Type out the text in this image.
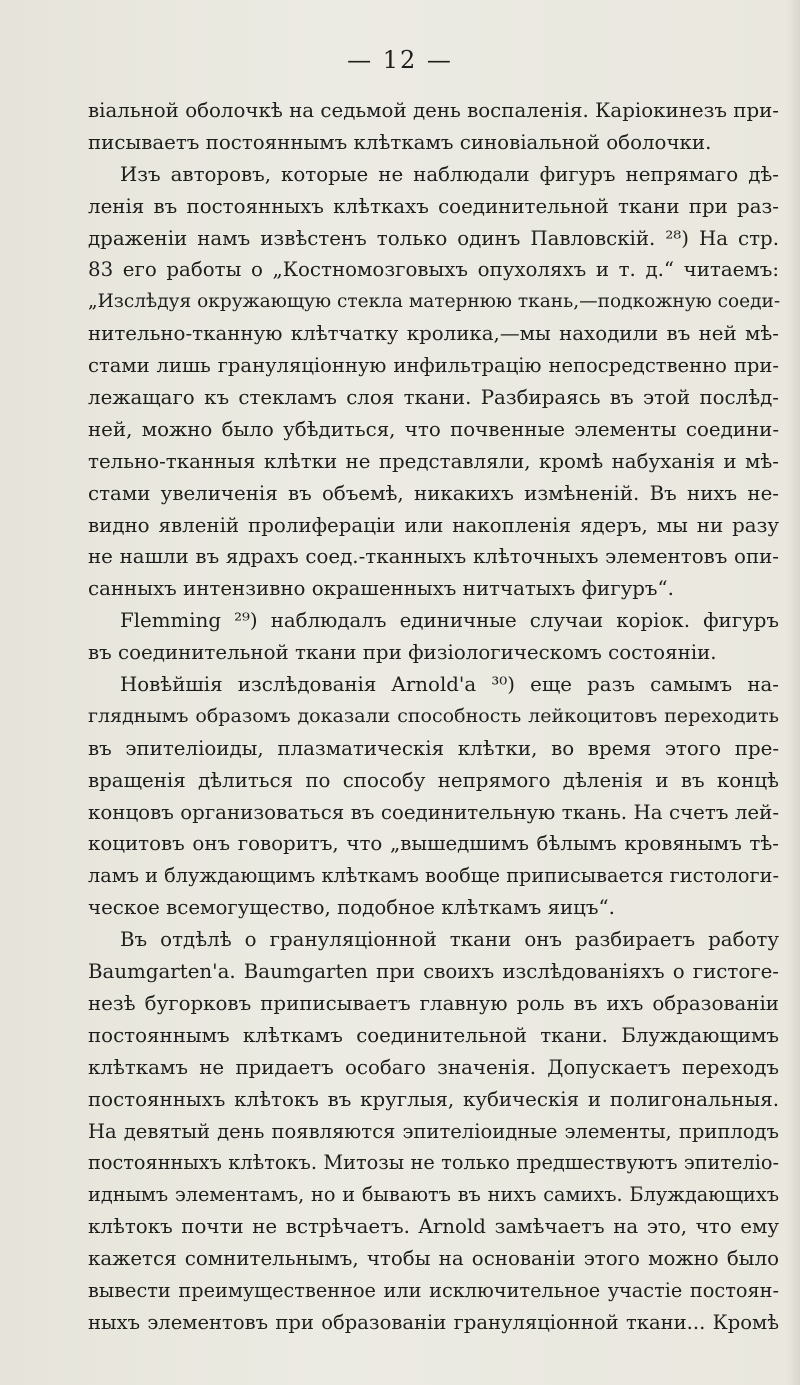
— 12 —
віальной оболочкѣ на седьмой день воспаленія. Каріокинезъ при-
писываетъ постояннымъ клѣткамъ синовіальной оболочки.
Изъ авторовъ, которые не наблюдали фигуръ непрямаго дѣ-
ленія въ постоянныхъ клѣткахъ соединительной ткани при раз-
драженіи намъ извѣстенъ только одинъ Павловскій. ²⁸) На стр.
83 его работы о „Костномозговыхъ опухоляхъ и т. д.“ читаемъ:
„Изслѣдуя окружающую стекла матернюю ткань,—подкожную соеди-
нительно-тканную клѣтчатку кролика,—мы находили въ ней мѣ-
стами лишь грануляціонную инфильтрацію непосредственно при-
лежащаго къ стекламъ слоя ткани. Разбираясь въ этой послѣд-
ней, можно было убѣдиться, что почвенные элементы соедини-
тельно-тканныя клѣтки не представляли, кромѣ набуханія и мѣ-
стами увеличенія въ объемѣ, никакихъ измѣненій. Въ нихъ не-
видно явленій пролифераціи или накопленія ядеръ, мы ни разу
не нашли въ ядрахъ соед.-тканныхъ клѣточныхъ элементовъ опи-
санныхъ интензивно окрашенныхъ нитчатыхъ фигуръ“.
Flemming ²⁹) наблюдалъ единичные случаи коріок. фигуръ
въ соединительной ткани при физіологическомъ состояніи.
Новѣйшія изслѣдованія Arnold'а ³⁰) еще разъ самымъ на-
гляднымъ образомъ доказали способность лейкоцитовъ переходить
въ эпителіоиды, плазматическія клѣтки, во время этого пре-
вращенія дѣлиться по способу непрямого дѣленія и въ концѣ
концовъ организоваться въ соединительную ткань. На счетъ лей-
коцитовъ онъ говоритъ, что „вышедшимъ бѣлымъ кровянымъ тѣ-
ламъ и блуждающимъ клѣткамъ вообще приписывается гистологи-
ческое всемогущество, подобное клѣткамъ яицъ“.
Въ отдѣлѣ о грануляціонной ткани онъ разбираетъ работу
Baumgarten'а. Baumgarten при своихъ изслѣдованіяхъ о гистоге-
незѣ бугорковъ приписываетъ главную роль въ ихъ образованіи
постояннымъ клѣткамъ соединительной ткани. Блуждающимъ
клѣткамъ не придаетъ особаго значенія. Допускаетъ переходъ
постоянныхъ клѣтокъ въ круглыя, кубическія и полигональныя.
На девятый день появляются эпителіоидные элементы, приплодъ
постоянныхъ клѣтокъ. Митозы не только предшествуютъ эпителіо-
иднымъ элементамъ, но и бываютъ въ нихъ самихъ. Блуждающихъ
клѣтокъ почти не встрѣчаетъ. Arnold замѣчаетъ на это, что ему
кажется сомнительнымъ, чтобы на основаніи этого можно было
вывести преимущественное или исключительное участіе постоян-
ныхъ элементовъ при образованіи грануляціонной ткани... Кромѣ
